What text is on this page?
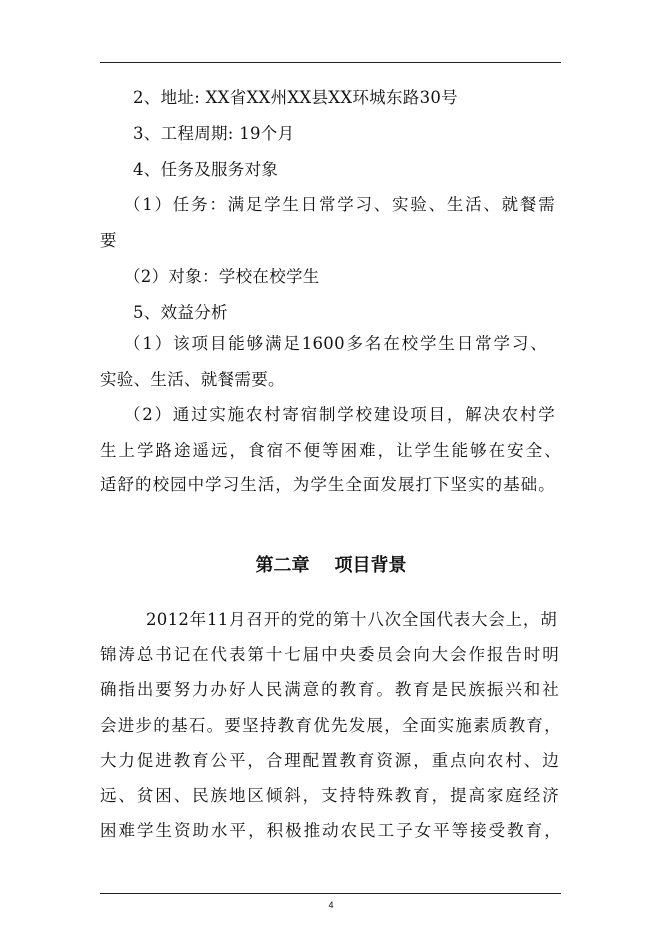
2、地址: XX省XX州XX县XX环城东路30号
3、工程周期: 19个月
4、任务及服务对象
（1）任务：满足学生日常学习、实验、生活、就餐需
要
（2）对象：学校在校学生
5、效益分析
（1）该项目能够满足1600多名在校学生日常学习、
实验、生活、就餐需要。
（2）通过实施农村寄宿制学校建设项目，解决农村学
生上学路途遥远，食宿不便等困难，让学生能够在安全、
适舒的校园中学习生活，为学生全面发展打下坚实的基础。
第二章    项目背景
2012年11月召开的党的第十八次全国代表大会上，胡
锦涛总书记在代表第十七届中央委员会向大会作报告时明
确指出要努力办好人民满意的教育。教育是民族振兴和社
会进步的基石。要坚持教育优先发展，全面实施素质教育，
大力促进教育公平，合理配置教育资源，重点向农村、边
远、贫困、民族地区倾斜，支持特殊教育，提高家庭经济
困难学生资助水平，积极推动农民工子女平等接受教育，
4
